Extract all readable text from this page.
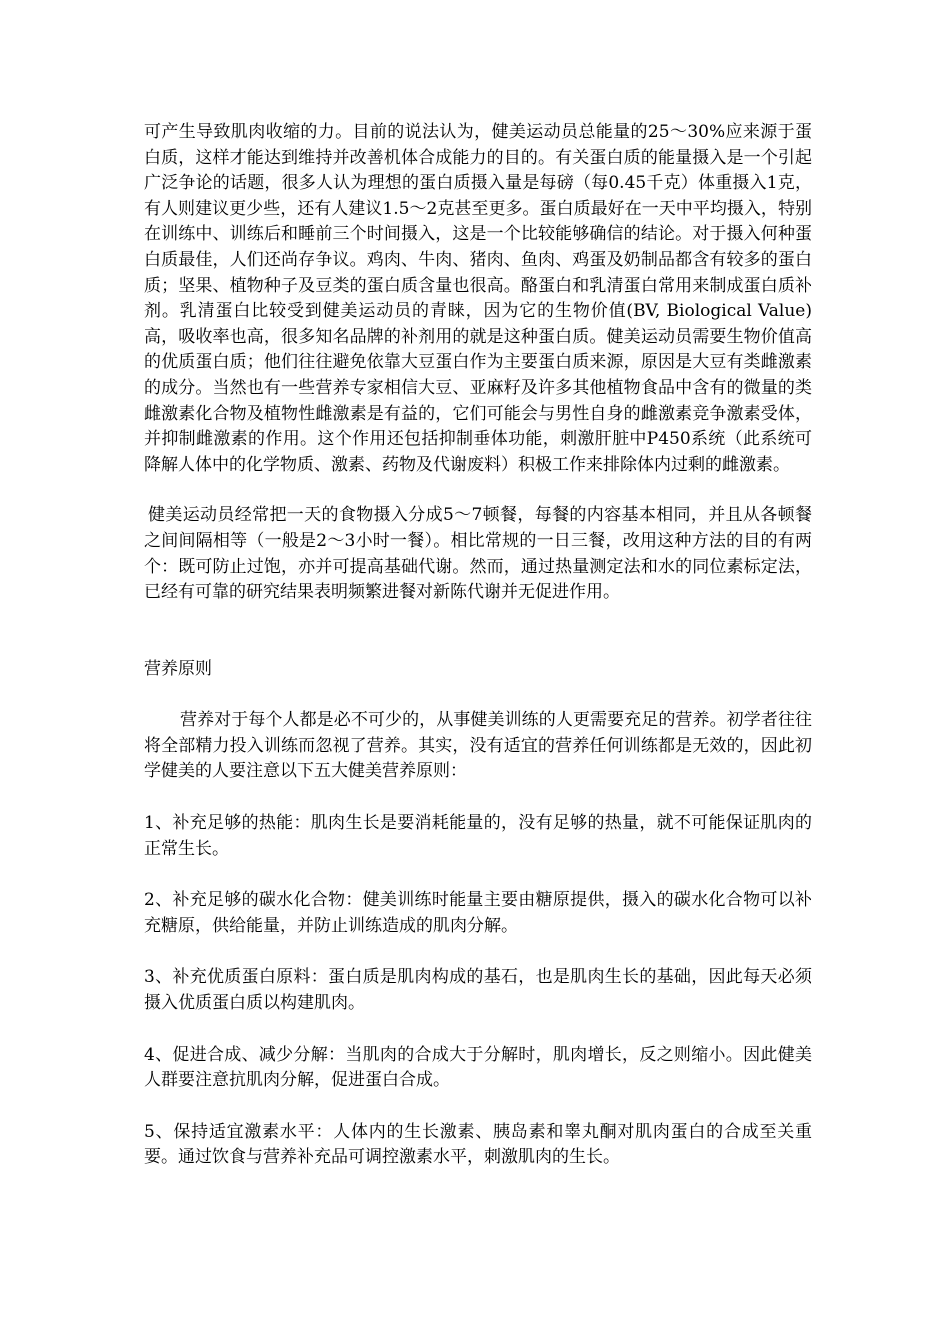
可产生导致肌肉收缩的力。目前的说法认为，健美运动员总能量的25～30%应来源于蛋白质，这样才能达到维持并改善机体合成能力的目的。有关蛋白质的能量摄入是一个引起广泛争论的话题，很多人认为理想的蛋白质摄入量是每磅（每0.45千克）体重摄入1克，有人则建议更少些，还有人建议1.5～2克甚至更多。蛋白质最好在一天中平均摄入，特别在训练中、训练后和睡前三个时间摄入，这是一个比较能够确信的结论。对于摄入何种蛋白质最佳，人们还尚存争议。鸡肉、牛肉、猪肉、鱼肉、鸡蛋及奶制品都含有较多的蛋白质；坚果、植物种子及豆类的蛋白质含量也很高。酪蛋白和乳清蛋白常用来制成蛋白质补剂。乳清蛋白比较受到健美运动员的青睐，因为它的生物价值(BV, Biological Value)高，吸收率也高，很多知名品牌的补剂用的就是这种蛋白质。健美运动员需要生物价值高的优质蛋白质；他们往往避免依靠大豆蛋白作为主要蛋白质来源，原因是大豆有类雌激素的成分。当然也有一些营养专家相信大豆、亚麻籽及许多其他植物食品中含有的微量的类雌激素化合物及植物性雌激素是有益的，它们可能会与男性自身的雌激素竞争激素受体，并抑制雌激素的作用。这个作用还包括抑制垂体功能，刺激肝脏中P450系统（此系统可降解人体中的化学物质、激素、药物及代谢废料）积极工作来排除体内过剩的雌激素。

健美运动员经常把一天的食物摄入分成5～7顿餐，每餐的内容基本相同，并且从各顿餐之间间隔相等（一般是2～3小时一餐）。相比常规的一日三餐，改用这种方法的目的有两个：既可防止过饱，亦并可提高基础代谢。然而，通过热量测定法和水的同位素标定法，已经有可靠的研究结果表明频繁进餐对新陈代谢并无促进作用。

营养原则

营养对于每个人都是必不可少的，从事健美训练的人更需要充足的营养。初学者往往将全部精力投入训练而忽视了营养。其实，没有适宜的营养任何训练都是无效的，因此初学健美的人要注意以下五大健美营养原则：

1、补充足够的热能：肌肉生长是要消耗能量的，没有足够的热量，就不可能保证肌肉的正常生长。

2、补充足够的碳水化合物：健美训练时能量主要由糖原提供，摄入的碳水化合物可以补充糖原，供给能量，并防止训练造成的肌肉分解。

3、补充优质蛋白原料：蛋白质是肌肉构成的基石，也是肌肉生长的基础，因此每天必须摄入优质蛋白质以构建肌肉。

4、促进合成、减少分解：当肌肉的合成大于分解时，肌肉增长，反之则缩小。因此健美人群要注意抗肌肉分解，促进蛋白合成。

5、保持适宜激素水平：人体内的生长激素、胰岛素和睾丸酮对肌肉蛋白的合成至关重要。通过饮食与营养补充品可调控激素水平，刺激肌肉的生长。
